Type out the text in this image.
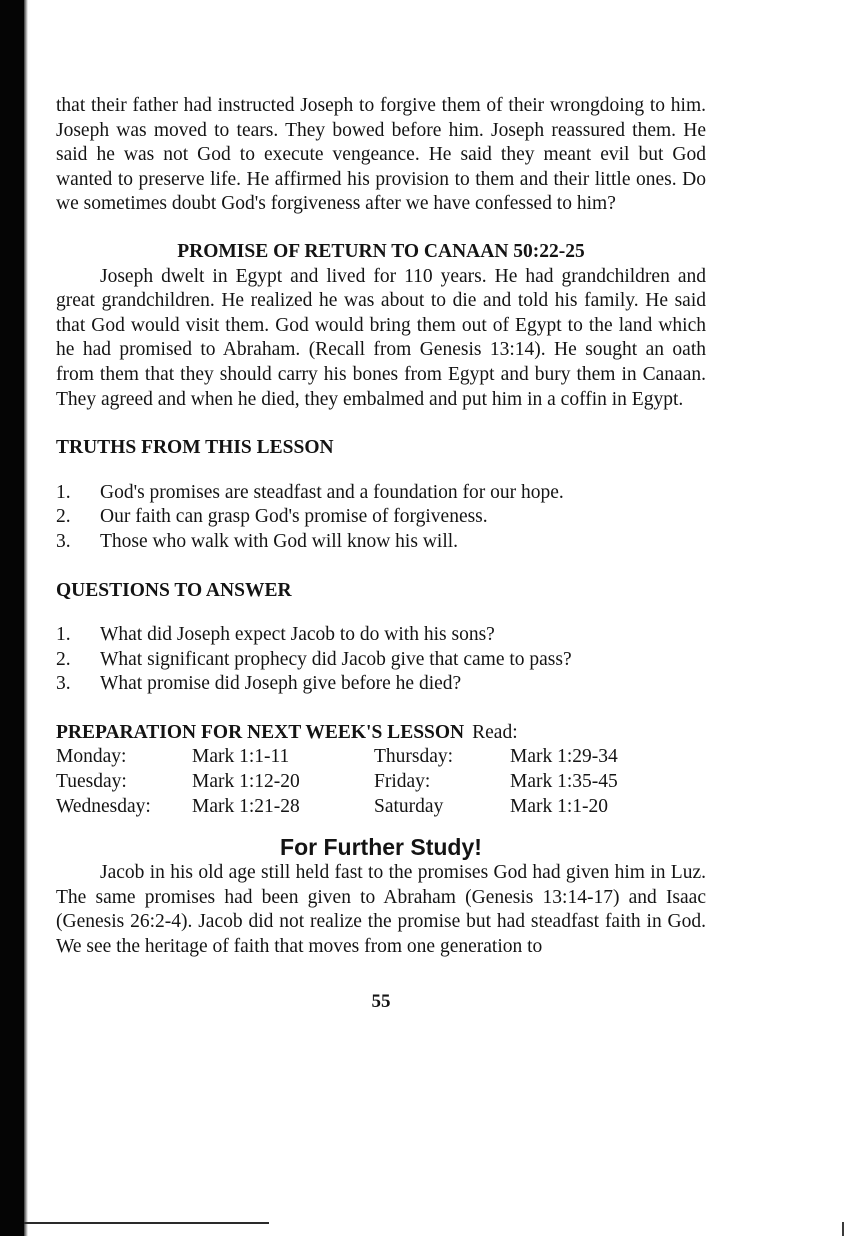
that their father had instructed Joseph to forgive them of their wrongdoing to him. Joseph was moved to tears. They bowed before him. Joseph reassured them. He said he was not God to execute vengeance. He said they meant evil but God wanted to preserve life. He affirmed his provision to them and their little ones. Do we sometimes doubt God's forgiveness after we have confessed to him?

PROMISE OF RETURN TO CANAAN 50:22-25

Joseph dwelt in Egypt and lived for 110 years. He had grandchildren and great grandchildren. He realized he was about to die and told his family. He said that God would visit them. God would bring them out of Egypt to the land which he had promised to Abraham. (Recall from Genesis 13:14). He sought an oath from them that they should carry his bones from Egypt and bury them in Canaan. They agreed and when he died, they embalmed and put him in a coffin in Egypt.

TRUTHS FROM THIS LESSON
1.	God's promises are steadfast and a foundation for our hope.
2.	Our faith can grasp God's promise of forgiveness.
3.	Those who walk with God will know his will.
QUESTIONS TO ANSWER
1.	What did Joseph expect Jacob to do with his sons?
2.	What significant prophecy did Jacob give that came to pass?
3.	What promise did Joseph give before he died?
PREPARATION FOR NEXT WEEK'S LESSON Read:
Monday:	Mark 1:1-11	Thursday:	Mark 1:29-34
Tuesday:	Mark 1:12-20	Friday:	Mark 1:35-45
Wednesday:	Mark 1:21-28	Saturday	Mark 1:1-20
For Further Study!

Jacob in his old age still held fast to the promises God had given him in Luz. The same promises had been given to Abraham (Genesis 13:14-17) and Isaac (Genesis 26:2-4). Jacob did not realize the promise but had steadfast faith in God. We see the heritage of faith that moves from one generation to

55
